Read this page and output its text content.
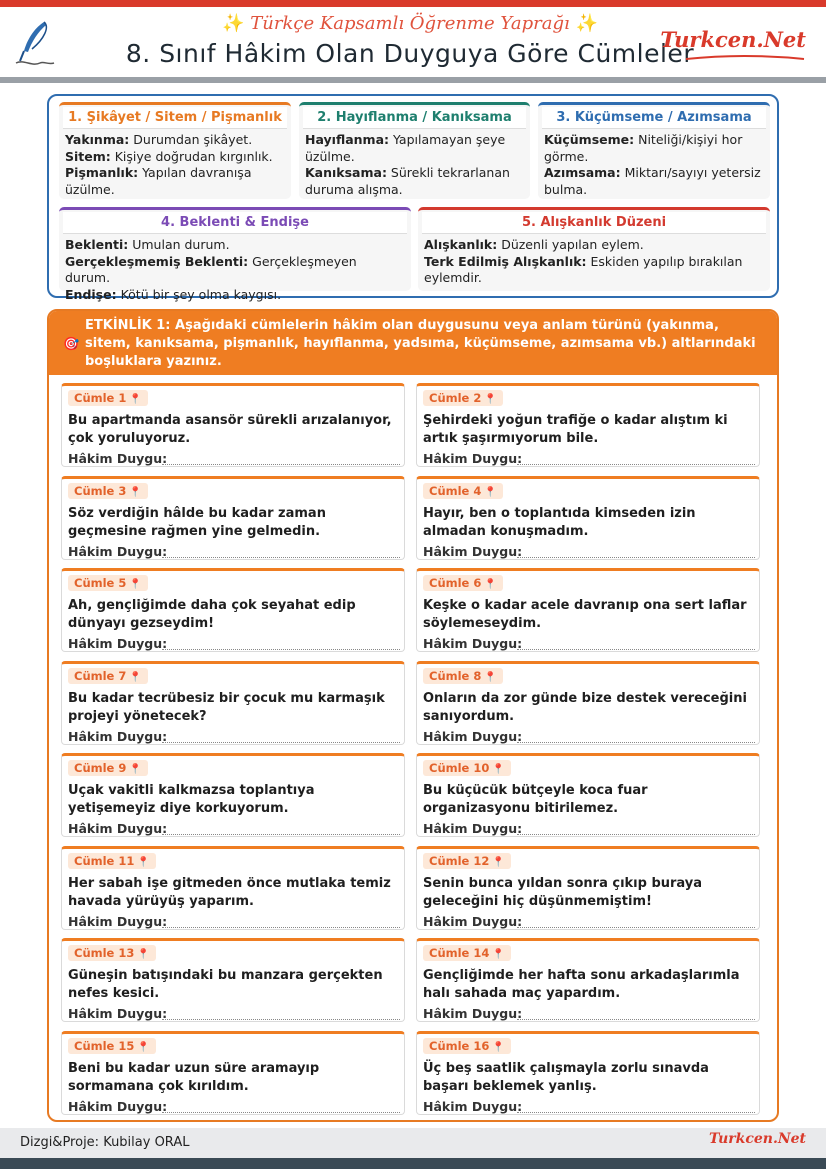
✨ Türkçe Kapsamlı Öğrenme Yaprağı ✨
8. Sınıf Hâkim Olan Duyguya Göre Cümleler
Turkcen.Net
1. Şikâyet / Sitem / Pişmanlık
Yakınma: Durumdan şikâyet.
Sitem: Kişiye doğrudan kırgınlık.
Pişmanlık: Yapılan davranışa üzülme.
2. Hayıflanma / Kanıksama
Hayıflanma: Yapılamayan şeye üzülme.
Kanıksama: Sürekli tekrarlanan duruma alışma.
3. Küçümseme / Azımsama
Küçümseme: Niteliği/kişiyi hor görme.
Azımsama: Miktarı/sayıyı yetersiz bulma.
4. Beklenti & Endişe
Beklenti: Umulan durum.
Gerçekleşmemiş Beklenti: Gerçekleşmeyen durum.
Endişe: Kötü bir şey olma kaygısı.
5. Alışkanlık Düzeni
Alışkanlık: Düzenli yapılan eylem.
Terk Edilmiş Alışkanlık: Eskiden yapılıp bırakılan eylemdir.
🎯
ETKİNLİK 1: Aşağıdaki cümlelerin hâkim olan duygusunu veya anlam türünü (yakınma, sitem, kanıksama, pişmanlık, hayıflanma, yadsıma, küçümseme, azımsama vb.) altlarındaki boşluklara yazınız.
Cümle 1 📍
Bu apartmanda asansör sürekli arızalanıyor, çok yoruluyoruz.
Hâkim Duygu:
Cümle 2 📍
Şehirdeki yoğun trafiğe o kadar alıştım ki artık şaşırmıyorum bile.
Hâkim Duygu:
Cümle 3 📍
Söz verdiğin hâlde bu kadar zaman geçmesine rağmen yine gelmedin.
Hâkim Duygu:
Cümle 4 📍
Hayır, ben o toplantıda kimseden izin almadan konuşmadım.
Hâkim Duygu:
Cümle 5 📍
Ah, gençliğimde daha çok seyahat edip dünyayı gezseydim!
Hâkim Duygu:
Cümle 6 📍
Keşke o kadar acele davranıp ona sert laflar söylemeseydim.
Hâkim Duygu:
Cümle 7 📍
Bu kadar tecrübesiz bir çocuk mu karmaşık projeyi yönetecek?
Hâkim Duygu:
Cümle 8 📍
Onların da zor günde bize destek vereceğini sanıyordum.
Hâkim Duygu:
Cümle 9 📍
Uçak vakitli kalkmazsa toplantıya yetişemeyiz diye korkuyorum.
Hâkim Duygu:
Cümle 10 📍
Bu küçücük bütçeyle koca fuar organizasyonu bitirilemez.
Hâkim Duygu:
Cümle 11 📍
Her sabah işe gitmeden önce mutlaka temiz havada yürüyüş yaparım.
Hâkim Duygu:
Cümle 12 📍
Senin bunca yıldan sonra çıkıp buraya geleceğini hiç düşünmemiştim!
Hâkim Duygu:
Cümle 13 📍
Güneşin batışındaki bu manzara gerçekten nefes kesici.
Hâkim Duygu:
Cümle 14 📍
Gençliğimde her hafta sonu arkadaşlarımla halı sahada maç yapardım.
Hâkim Duygu:
Cümle 15 📍
Beni bu kadar uzun süre aramayıp sormamana çok kırıldım.
Hâkim Duygu:
Cümle 16 📍
Üç beş saatlik çalışmayla zorlu sınavda başarı beklemek yanlış.
Hâkim Duygu:
Dizgi&Proje: Kubilay ORAL	Turkcen.Net
